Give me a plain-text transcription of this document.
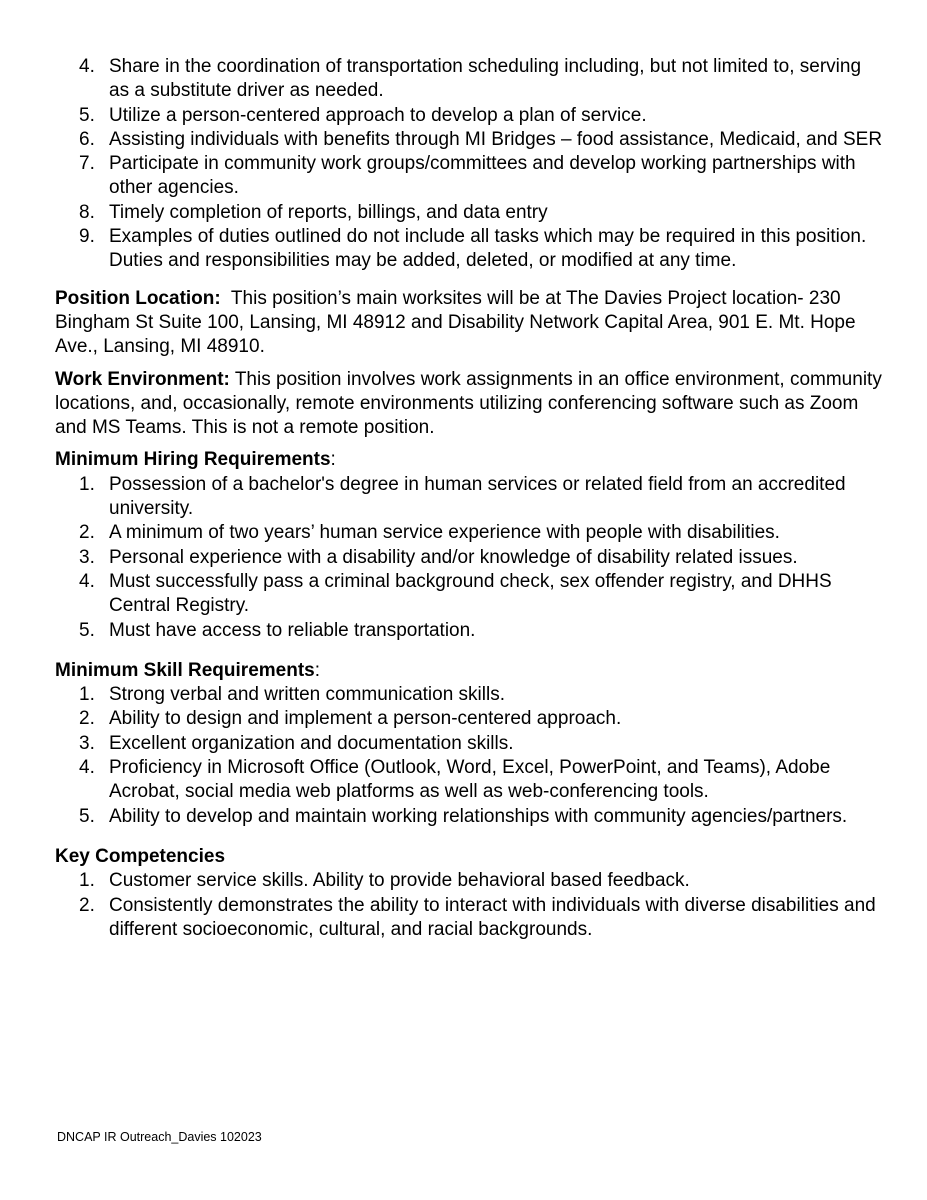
4. Share in the coordination of transportation scheduling including, but not limited to, serving as a substitute driver as needed.
5. Utilize a person-centered approach to develop a plan of service.
6. Assisting individuals with benefits through MI Bridges – food assistance, Medicaid, and SER
7. Participate in community work groups/committees and develop working partnerships with other agencies.
8. Timely completion of reports, billings, and data entry
9. Examples of duties outlined do not include all tasks which may be required in this position. Duties and responsibilities may be added, deleted, or modified at any time.

Position Location:  This position’s main worksites will be at The Davies Project location- 230 Bingham St Suite 100, Lansing, MI 48912 and Disability Network Capital Area, 901 E. Mt. Hope Ave., Lansing, MI 48910.

Work Environment: This position involves work assignments in an office environment, community locations, and, occasionally, remote environments utilizing conferencing software such as Zoom and MS Teams. This is not a remote position.

Minimum Hiring Requirements:

1. Possession of a bachelor's degree in human services or related field from an accredited university.
2. A minimum of two years’ human service experience with people with disabilities.
3. Personal experience with a disability and/or knowledge of disability related issues.
4. Must successfully pass a criminal background check, sex offender registry, and DHHS Central Registry.
5. Must have access to reliable transportation.

Minimum Skill Requirements:

1. Strong verbal and written communication skills.
2. Ability to design and implement a person-centered approach.
3. Excellent organization and documentation skills.
4. Proficiency in Microsoft Office (Outlook, Word, Excel, PowerPoint, and Teams), Adobe Acrobat, social media web platforms as well as web-conferencing tools.
5. Ability to develop and maintain working relationships with community agencies/partners.

Key Competencies

1. Customer service skills. Ability to provide behavioral based feedback.
2. Consistently demonstrates the ability to interact with individuals with diverse disabilities and different socioeconomic, cultural, and racial backgrounds.
DNCAP IR Outreach_Davies 102023
